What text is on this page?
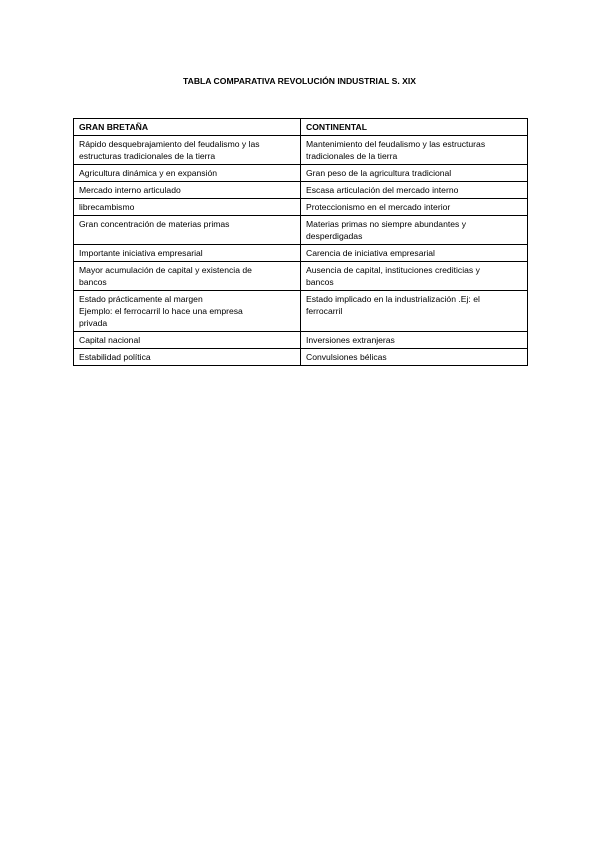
TABLA COMPARATIVA REVOLUCIÓN INDUSTRIAL S. XIX
GRAN BRETAÑA	CONTINENTAL

Rápido desquebrajamiento del feudalismo y las
estructuras tradicionales de la tierra	Mantenimiento del feudalismo y las estructuras
tradicionales de la tierra

Agricultura dinámica y en expansión	Gran peso de la agricultura tradicional

Mercado interno articulado	Escasa articulación del mercado interno

librecambismo	Proteccionismo en el mercado interior

Gran concentración de materias primas	Materias primas no siempre abundantes y
desperdigadas

Importante iniciativa empresarial	Carencia de iniciativa empresarial

Mayor acumulación de capital y existencia de
bancos	Ausencia de capital, instituciones crediticias y
bancos

Estado prácticamente al margen
Ejemplo: el ferrocarril lo hace una empresa
privada	Estado implicado en la industrialización .Ej: el
ferrocarril

Capital nacional	Inversiones extranjeras

Estabilidad política	Convulsiones bélicas
